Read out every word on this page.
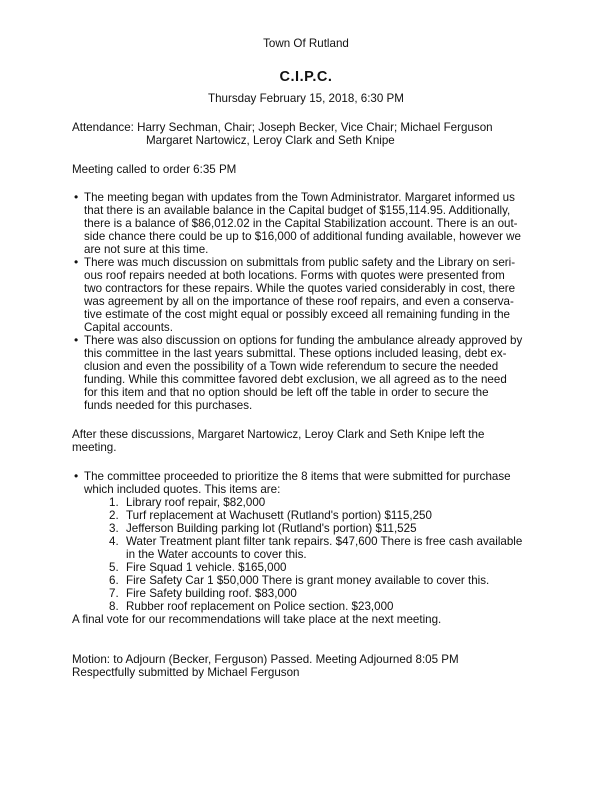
Town Of Rutland
C.I.P.C.
Thursday February 15, 2018, 6:30 PM
Attendance: Harry Sechman, Chair; Joseph Becker, Vice Chair; Michael Ferguson
Margaret Nartowicz, Leroy Clark and Seth Knipe
Meeting called to order 6:35 PM
• The meeting began with updates from the Town Administrator. Margaret informed us
that there is an available balance in the Capital budget of $155,114.95. Additionally,
there is a balance of $86,012.02 in the Capital Stabilization account. There is an out-
side chance there could be up to $16,000 of additional funding available, however we
are not sure at this time.
• There was much discussion on submittals from public safety and the Library on seri-
ous roof repairs needed at both locations. Forms with quotes were presented from
two contractors for these repairs. While the quotes varied considerably in cost, there
was agreement by all on the importance of these roof repairs, and even a conserva-
tive estimate of the cost might equal or possibly exceed all remaining funding in the
Capital accounts.
• There was also discussion on options for funding the ambulance already approved by
this committee in the last years submittal. These options included leasing, debt ex-
clusion and even the possibility of a Town wide referendum to secure the needed
funding. While this committee favored debt exclusion, we all agreed as to the need
for this item and that no option should be left off the table in order to secure the
funds needed for this purchases.
After these discussions, Margaret Nartowicz, Leroy Clark and Seth Knipe left the
meeting.
• The committee proceeded to prioritize the 8 items that were submitted for purchase
which included quotes. This items are:
1. Library roof repair, $82,000
2. Turf replacement at Wachusett (Rutland's portion) $115,250
3. Jefferson Building parking lot (Rutland's portion) $11,525
4. Water Treatment plant filter tank repairs. $47,600 There is free cash available
in the Water accounts to cover this.
5. Fire Squad 1 vehicle. $165,000
6. Fire Safety Car 1 $50,000 There is grant money available to cover this.
7. Fire Safety building roof. $83,000
8. Rubber roof replacement on Police section. $23,000
A final vote for our recommendations will take place at the next meeting.
Motion: to Adjourn (Becker, Ferguson) Passed. Meeting Adjourned 8:05 PM
Respectfully submitted by Michael Ferguson
